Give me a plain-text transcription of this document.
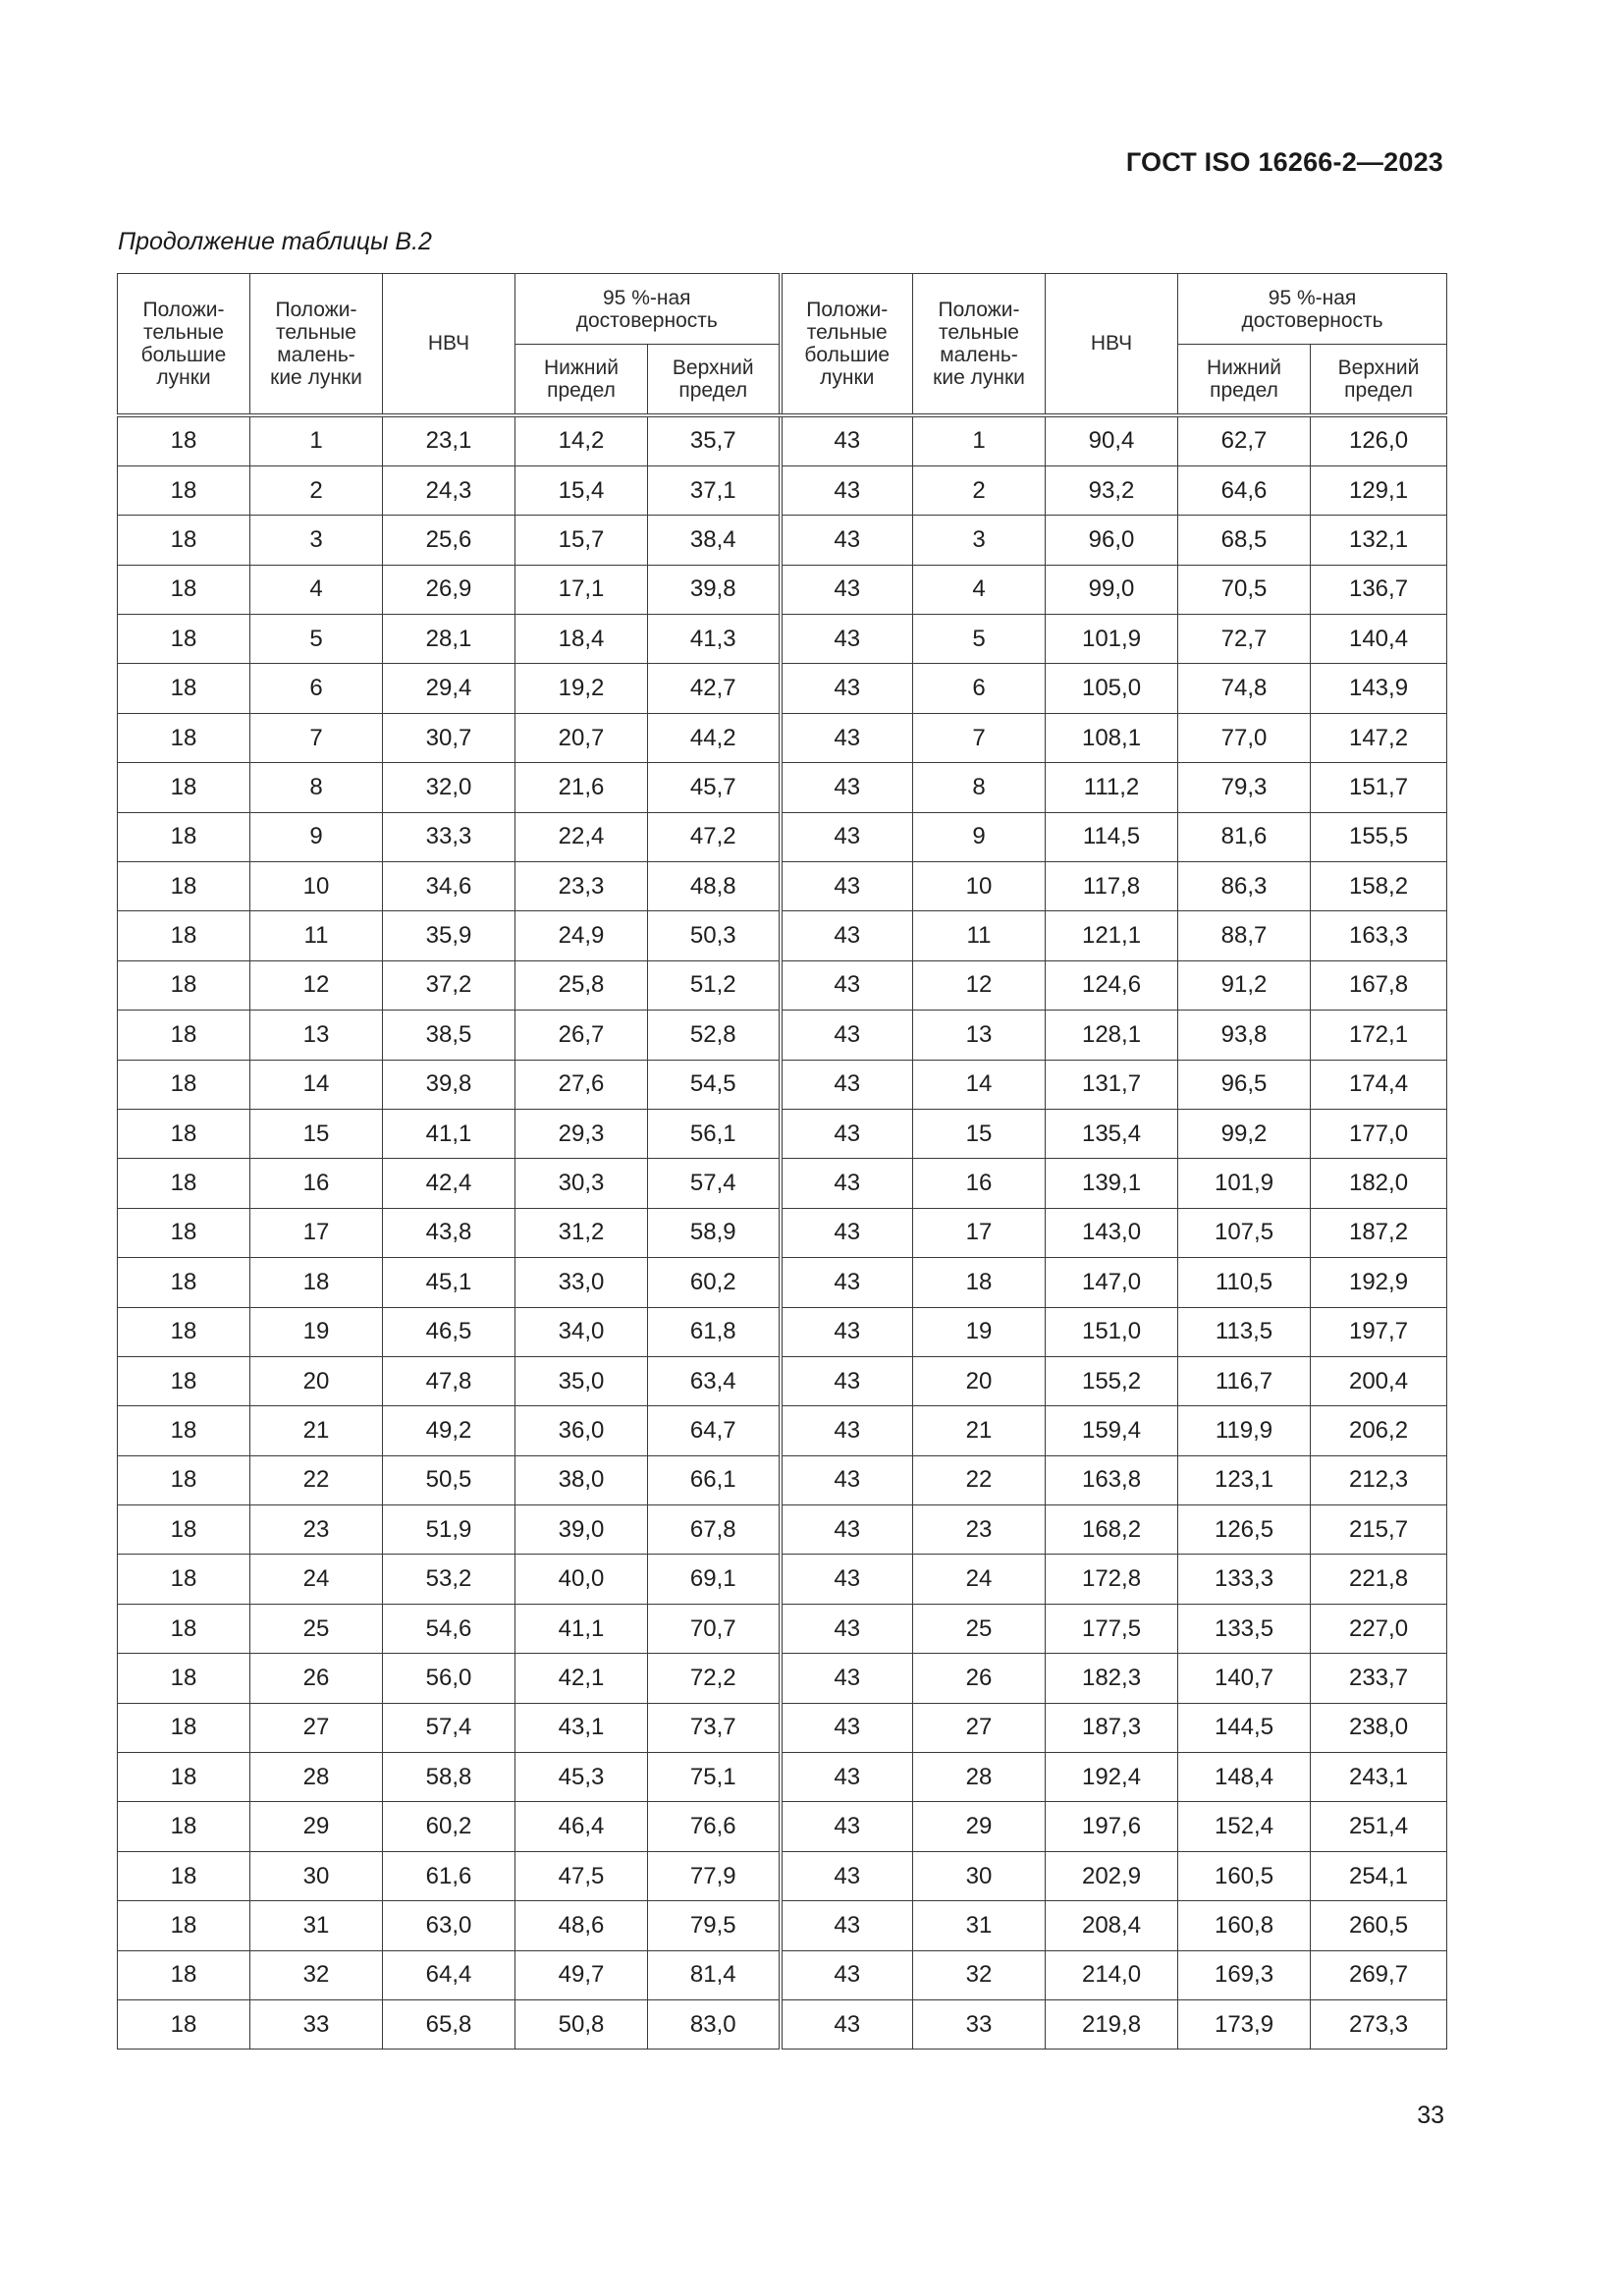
ГОСТ ISO 16266-2—2023
Продолжение таблицы В.2
Положи-
тельные
большие
лунки	Положи-
тельные
малень-
кие лунки	НВЧ	95 %-ная
достоверность		Положи-
тельные
большие
лунки	Положи-
тельные
малень-
кие лунки	НВЧ	95 %-ная
достоверность	
			Нижний
предел	Верхний
предел				Нижний
предел	Верхний
предел
18	1	23,1	14,2	35,7	43	1	90,4	62,7	126,0
18	2	24,3	15,4	37,1	43	2	93,2	64,6	129,1
18	3	25,6	15,7	38,4	43	3	96,0	68,5	132,1
18	4	26,9	17,1	39,8	43	4	99,0	70,5	136,7
18	5	28,1	18,4	41,3	43	5	101,9	72,7	140,4
18	6	29,4	19,2	42,7	43	6	105,0	74,8	143,9
18	7	30,7	20,7	44,2	43	7	108,1	77,0	147,2
18	8	32,0	21,6	45,7	43	8	111,2	79,3	151,7
18	9	33,3	22,4	47,2	43	9	114,5	81,6	155,5
18	10	34,6	23,3	48,8	43	10	117,8	86,3	158,2
18	11	35,9	24,9	50,3	43	11	121,1	88,7	163,3
18	12	37,2	25,8	51,2	43	12	124,6	91,2	167,8
18	13	38,5	26,7	52,8	43	13	128,1	93,8	172,1
18	14	39,8	27,6	54,5	43	14	131,7	96,5	174,4
18	15	41,1	29,3	56,1	43	15	135,4	99,2	177,0
18	16	42,4	30,3	57,4	43	16	139,1	101,9	182,0
18	17	43,8	31,2	58,9	43	17	143,0	107,5	187,2
18	18	45,1	33,0	60,2	43	18	147,0	110,5	192,9
18	19	46,5	34,0	61,8	43	19	151,0	113,5	197,7
18	20	47,8	35,0	63,4	43	20	155,2	116,7	200,4
18	21	49,2	36,0	64,7	43	21	159,4	119,9	206,2
18	22	50,5	38,0	66,1	43	22	163,8	123,1	212,3
18	23	51,9	39,0	67,8	43	23	168,2	126,5	215,7
18	24	53,2	40,0	69,1	43	24	172,8	133,3	221,8
18	25	54,6	41,1	70,7	43	25	177,5	133,5	227,0
18	26	56,0	42,1	72,2	43	26	182,3	140,7	233,7
18	27	57,4	43,1	73,7	43	27	187,3	144,5	238,0
18	28	58,8	45,3	75,1	43	28	192,4	148,4	243,1
18	29	60,2	46,4	76,6	43	29	197,6	152,4	251,4
18	30	61,6	47,5	77,9	43	30	202,9	160,5	254,1
18	31	63,0	48,6	79,5	43	31	208,4	160,8	260,5
18	32	64,4	49,7	81,4	43	32	214,0	169,3	269,7
18	33	65,8	50,8	83,0	43	33	219,8	173,9	273,3
33
